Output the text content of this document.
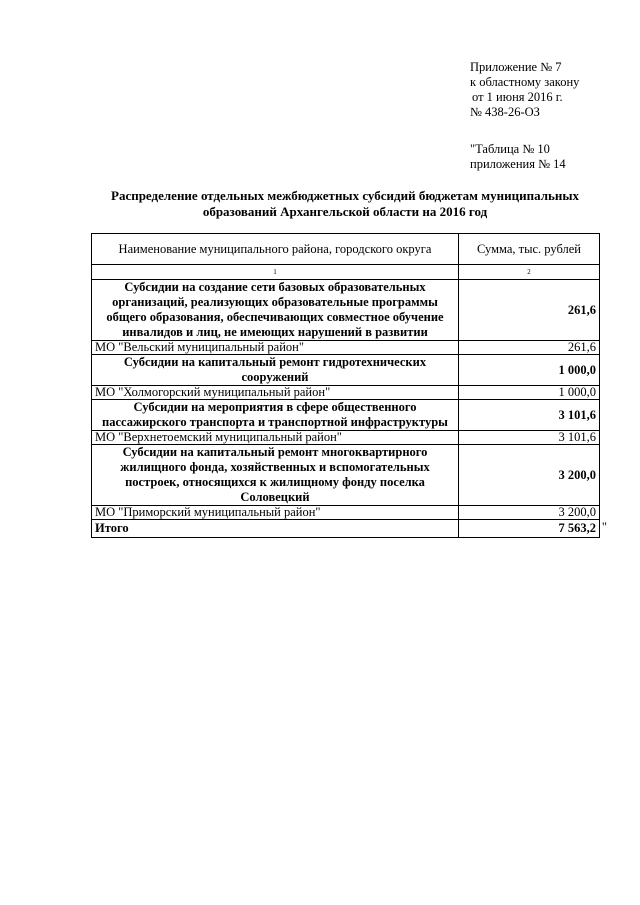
Приложение № 7
к областному закону
от 1 июня 2016 г.
№ 438-26-ОЗ
"Таблица № 10
приложения № 14
Распределение отдельных межбюджетных субсидий бюджетам муниципальных образований Архангельской области на 2016 год
Наименование муниципального района, городского округа	Сумма, тыс. рублей
1	2
Субсидии на создание сети базовых образовательных организаций, реализующих образовательные программы общего образования, обеспечивающих совместное обучение инвалидов и лиц, не имеющих нарушений в развитии	261,6
МО "Вельский муниципальный район"	261,6
Субсидии на капитальный ремонт гидротехнических сооружений	1 000,0
МО "Холмогорский муниципальный район"	1 000,0
Субсидии на мероприятия в сфере общественного пассажирского транспорта и транспортной инфраструктуры	3 101,6
МО "Верхнетоемский муниципальный район"	3 101,6
Субсидии на капитальный ремонт многоквартирного жилищного фонда, хозяйственных и вспомогательных построек, относящихся к жилищному фонду поселка Соловецкий	3 200,0
МО "Приморский муниципальный район"	3 200,0
Итого	7 563,2 "
